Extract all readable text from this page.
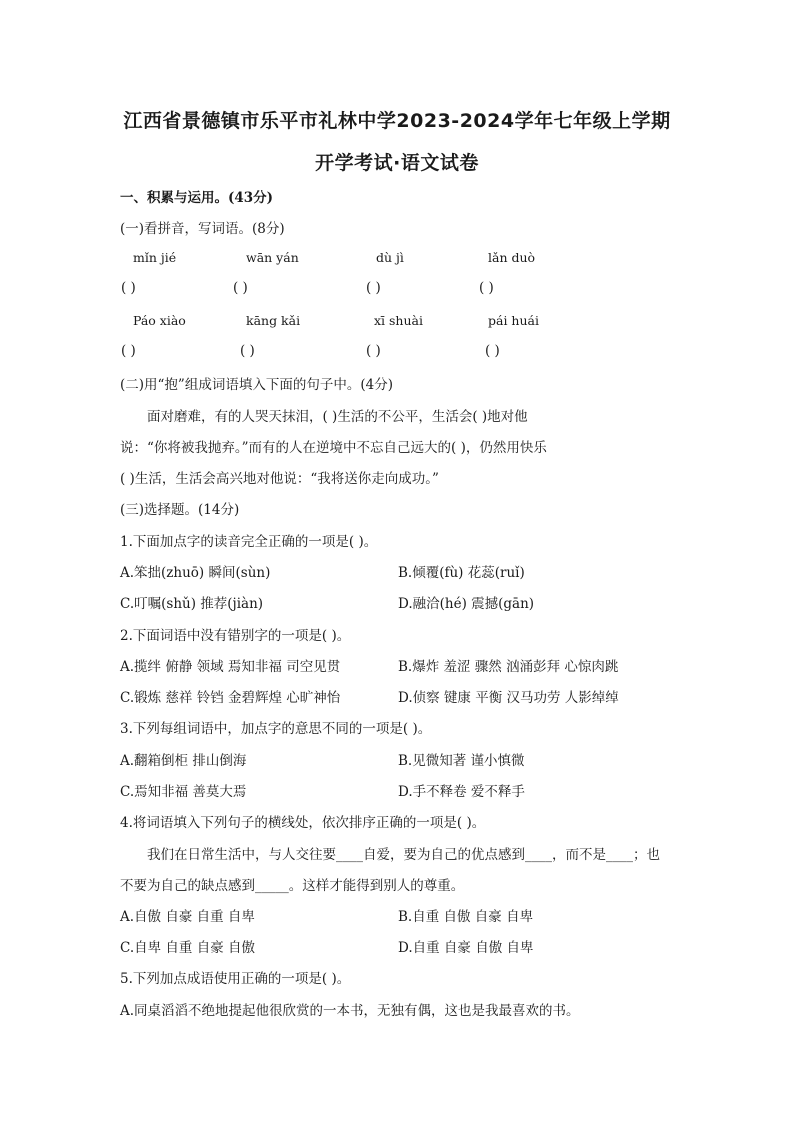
江西省景德镇市乐平市礼林中学2023-2024学年七年级上学期
开学考试·语文试卷
一、积累与运用。(43分)
(一)看拼音，写词语。(8分)
mǐn jié	wān yán	dù jì	lǎn duò
( )	( )	( )	( )
Páo xiào	kāng kǎi	xī shuài	pái huái
( )	( )	( )	( )
(二)用“抱”组成词语填入下面的句子中。(4分)
面对磨难，有的人哭天抹泪，( )生活的不公平，生活会( )地对他
说：“你将被我抛弃。”而有的人在逆境中不忘自己远大的( )，仍然用快乐
( )生活，生活会高兴地对他说：“我将送你走向成功。”
(三)选择题。(14分)
1.下面加点字的读音完全正确的一项是( )。
A.笨拙(zhuō) 瞬间(sùn)	B.倾覆(fù) 花蕊(ruǐ)
C.叮嘱(shǔ) 推荐(jiàn)	D.融洽(hé) 震撼(gān)
2.下面词语中没有错别字的一项是( )。
A.揽绊 俯静 领域 焉知非福 司空见贯	B.爆炸 羞涩 骤然 汹涌彭拜 心惊肉跳
C.锻炼 慈祥 铃铛 金碧辉煌 心旷神怡	D.侦察 键康 平衡 汉马功劳 人影绰绰
3.下列每组词语中，加点字的意思不同的一项是( )。
A.翻箱倒柜 排山倒海	B.见微知著 谨小慎微
C.焉知非福 善莫大焉	D.手不释卷 爱不释手
4.将词语填入下列句子的横线处，依次排序正确的一项是( )。
我们在日常生活中，与人交往要____自爱，要为自己的优点感到____，而不是____；也
不要为自己的缺点感到_____。这样才能得到别人的尊重。
A.自傲 自豪 自重 自卑	B.自重 自傲 自豪 自卑
C.自卑 自重 自豪 自傲	D.自重 自豪 自傲 自卑
5.下列加点成语使用正确的一项是( )。
A.同桌滔滔不绝地提起他很欣赏的一本书，无独有偶，这也是我最喜欢的书。
